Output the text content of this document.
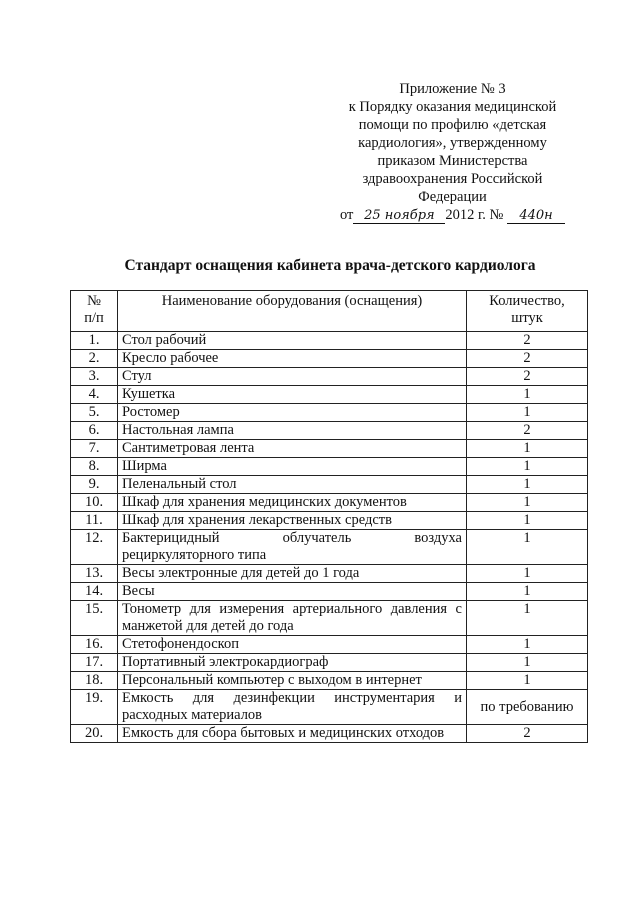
Приложение № 3
к Порядку оказания медицинской
помощи по профилю «детская
кардиология», утвержденному
приказом Министерства
здравоохранения Российской
Федерации
от 25 ноября 2012 г. № 440н
Стандарт оснащения кабинета врача-детского кардиолога
№
п/п	Наименование оборудования (оснащения)	Количество,
штук
1.	Стол рабочий	2
2.	Кресло рабочее	2
3.	Стул	2
4.	Кушетка	1
5.	Ростомер	1
6.	Настольная лампа	2
7.	Сантиметровая лента	1
8.	Ширма	1
9.	Пеленальный стол	1
10.	Шкаф для хранения медицинских документов	1
11.	Шкаф для хранения лекарственных средств	1
12.	Бактерицидный облучатель воздуха
рециркуляторного типа	1
13.	Весы электронные для детей до 1 года	1
14.	Весы	1
15.	Тонометр для измерения артериального давления с
манжетой для детей до года	1
16.	Стетофонендоскоп	1
17.	Портативный электрокардиограф	1
18.	Персональный компьютер с выходом в интернет	1
19.	Емкость для дезинфекции инструментария и
расходных материалов	по требованию
20.	Емкость для сбора бытовых и медицинских отходов	2
